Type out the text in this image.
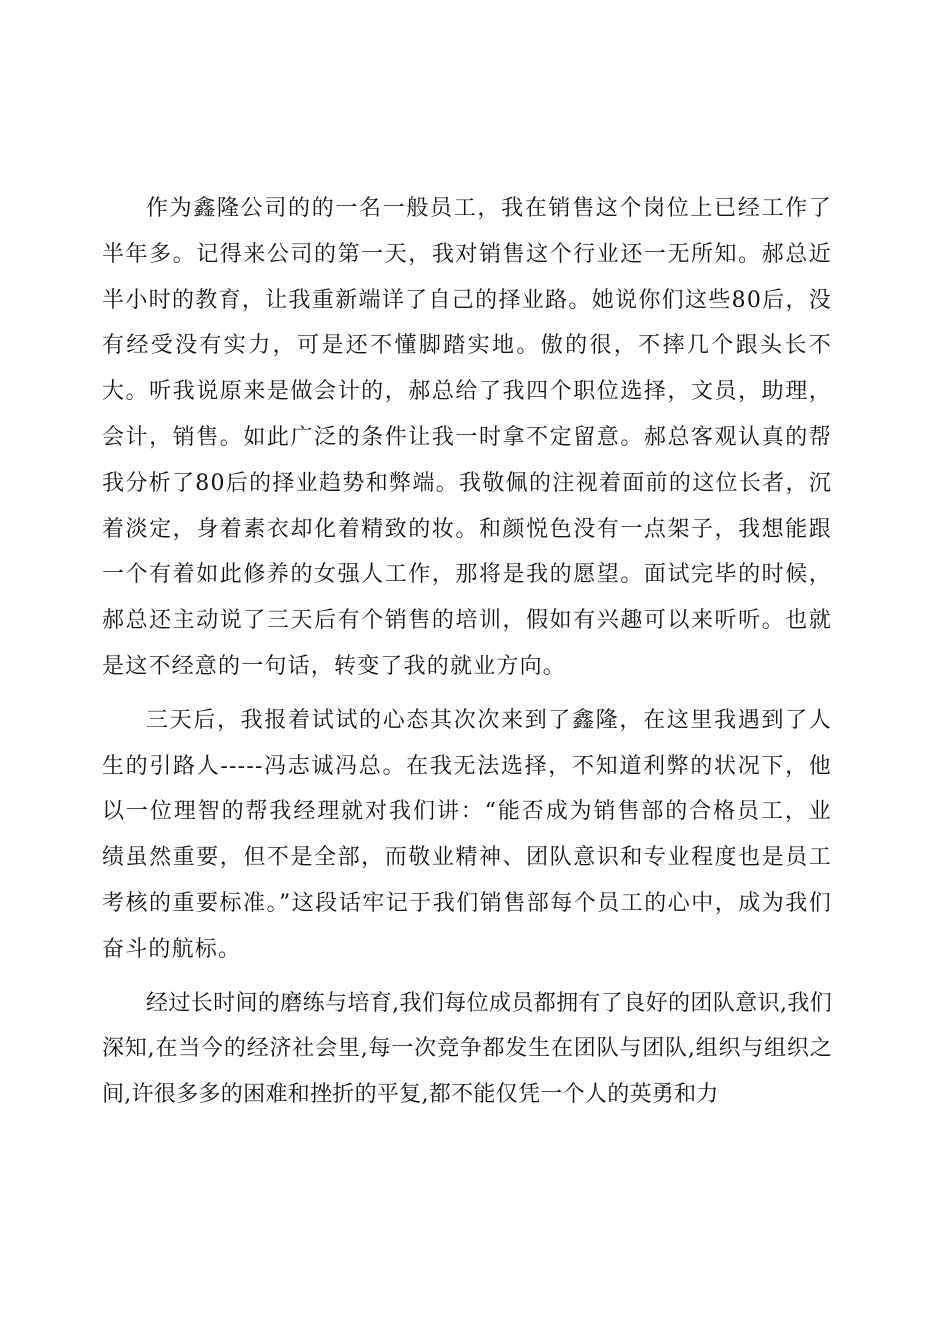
作为鑫隆公司的的一名一般员工，我在销售这个岗位上已经工作了半年多。记得来公司的第一天，我对销售这个行业还一无所知。郝总近半小时的教育，让我重新端详了自己的择业路。她说你们这些80后，没有经受没有实力，可是还不懂脚踏实地。傲的很，不摔几个跟头长不大。听我说原来是做会计的，郝总给了我四个职位选择，文员，助理，会计，销售。如此广泛的条件让我一时拿不定留意。郝总客观认真的帮我分析了80后的择业趋势和弊端。我敬佩的注视着面前的这位长者，沉着淡定，身着素衣却化着精致的妆。和颜悦色没有一点架子，我想能跟一个有着如此修养的女强人工作，那将是我的愿望。面试完毕的时候，郝总还主动说了三天后有个销售的培训，假如有兴趣可以来听听。也就是这不经意的一句话，转变了我的就业方向。

三天后，我报着试试的心态其次次来到了鑫隆，在这里我遇到了人生的引路人-----冯志诚冯总。在我无法选择，不知道利弊的状况下，他以一位理智的帮我经理就对我们讲：“能否成为销售部的合格员工，业绩虽然重要，但不是全部，而敬业精神、团队意识和专业程度也是员工考核的重要标准。”这段话牢记于我们销售部每个员工的心中，成为我们奋斗的航标。

经过长时间的磨练与培育,我们每位成员都拥有了良好的团队意识,我们深知,在当今的经济社会里,每一次竞争都发生在团队与团队,组织与组织之间,许很多多的困难和挫折的平复,都不能仅凭一个人的英勇和力
